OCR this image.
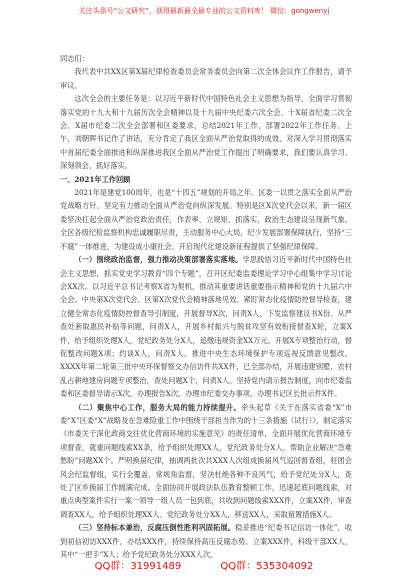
关注头条号“公文研究”，获得最新最全最专业的公文资料库！ 微信：gongwenyj

同志们：

我代表中共XX区第X届纪律检查委员会常务委员会向第二次全体会议作工作报告，请予审议。

这次全会的主要任务是：以习近平新时代中国特色社会主义思想为指导，全面学习贯彻落实党的十九大和十九届历次全会精神以及十九届中央纪委六次全会、十X届省纪委二次全会、X届市纪委二次全会部署和区委要求，总结2021年工作，部署2022年工作任务。上午，刘朝晖书记作了讲话，充分肯定了我区全面从严治党取得的成效，对深入学习贯彻落实中首届纪委全面推进和纵深推进我区全面从严治党工作提出了明确要求，我们要认真学习、深刻领会、抓好落实。

一、2021年工作回顾

2021年是建党100周年，也是“十四五”规划的开局之年。区委一以贯之落实全面从严治党战略方针，坚定有力推动全面从严治党向纵深发展。特别是区X次党代会以来，新一届区委坚决扛起全面从严治党政治责任，作表率、立规矩、抓落实，政治生态建设呈现新气象。全区各级纪检监察机构忠诚履职尽责，主动服务中心大局，纪少发展部署保障执行，坚持“三不腐”一体推进，为建设成小康社会、开启现代化建设新征程提供了坚强纪律保障。

（一）围绕政治监督，强力推动决策部署落实落地。学思践悟习近平新时代中国特色社会主义思想，抓实党史学习教育“四个专题”，召开区纪委监委理论学习中心组集中学习讨论会XX次。以习近平总书记考察X省为契机，推动其重要讲话重要指示精神和党的十九届六中全会、中央第X次党代会、区第X次党代会精神落地见效。紧盯常态化疫情防控督导检查，建立健全常态化疫情防控督查导引制度，开展督导X次，问责X人，下发监察建议书X份。从严查处套取惠民补贴等问题，问责X人，开展乡村振兴与脱贫攻坚有效衔接督查X轮，立案X件，给予组织处理X人，党纪政务处分X人，追缴违规资金XX万元。开展X专项整治行动，督促整改问题X项；约谈X人，问责X人。推进中央生态环境保护专项巡视反馈意见整改，XXXX年第二轮第三批中央环保督察交办信访件共XX件，已全部办结，开展违建别墅、农村乱占耕地建房问题专项整治，查处问题X个，问责X人。坚持党内请示报告制度，向市纪委监委和区委督导请示X次，办理报告X次，办理市纪委交办事项，办理书记区长批示件X件。

（二）聚焦中心工作，服务大局的能力持续提升。牵头起草《关于在落实省委“X”市委“X”区委“X”战略及在急难险重工作中围绕干部担当作为的十三条措施（试行）》，制定落实《市委关于深化政商交往优化营商环境的实施意见》的责任清单，全面开展优化营商环境专项督查，就重问题线索XX条，给予组织处理XX人，党纪政务处分X人，帮助企业解决“急难愁盼”问题XX个。严明换届纪律，抽调两批次共XXX人次组成换届风气巡回督查组，驻团会风会纪监督组，实行全覆盖、常规角监督，坚决杜绝各种不良风气，给予党纪处分X人，查处了区乡换届工作圆满完成。全面协同开展政法队伍教育整顿工作，迅速起底问题线索，对重点典型案件实行一案一领导一组人员一包到底，共收到问题线索XXX件，立案XX件，审查调查XX人，给予组织处理XX人、党纪政务处分XX人，移送XX人，采取留置措施X人。

（三）坚持标本兼治，反腐压倒性胜利巩固拓展。稳妥推进“纪委书记信访一体化”，收到初信初访XXX件，办结XXX件，持续保持高压反腐态势。立案XXX件，科级干部XX人，其中“一把手”X人；给予党纪政务处分XXX人次，

QQ群：31991489	QQ群：535304092
